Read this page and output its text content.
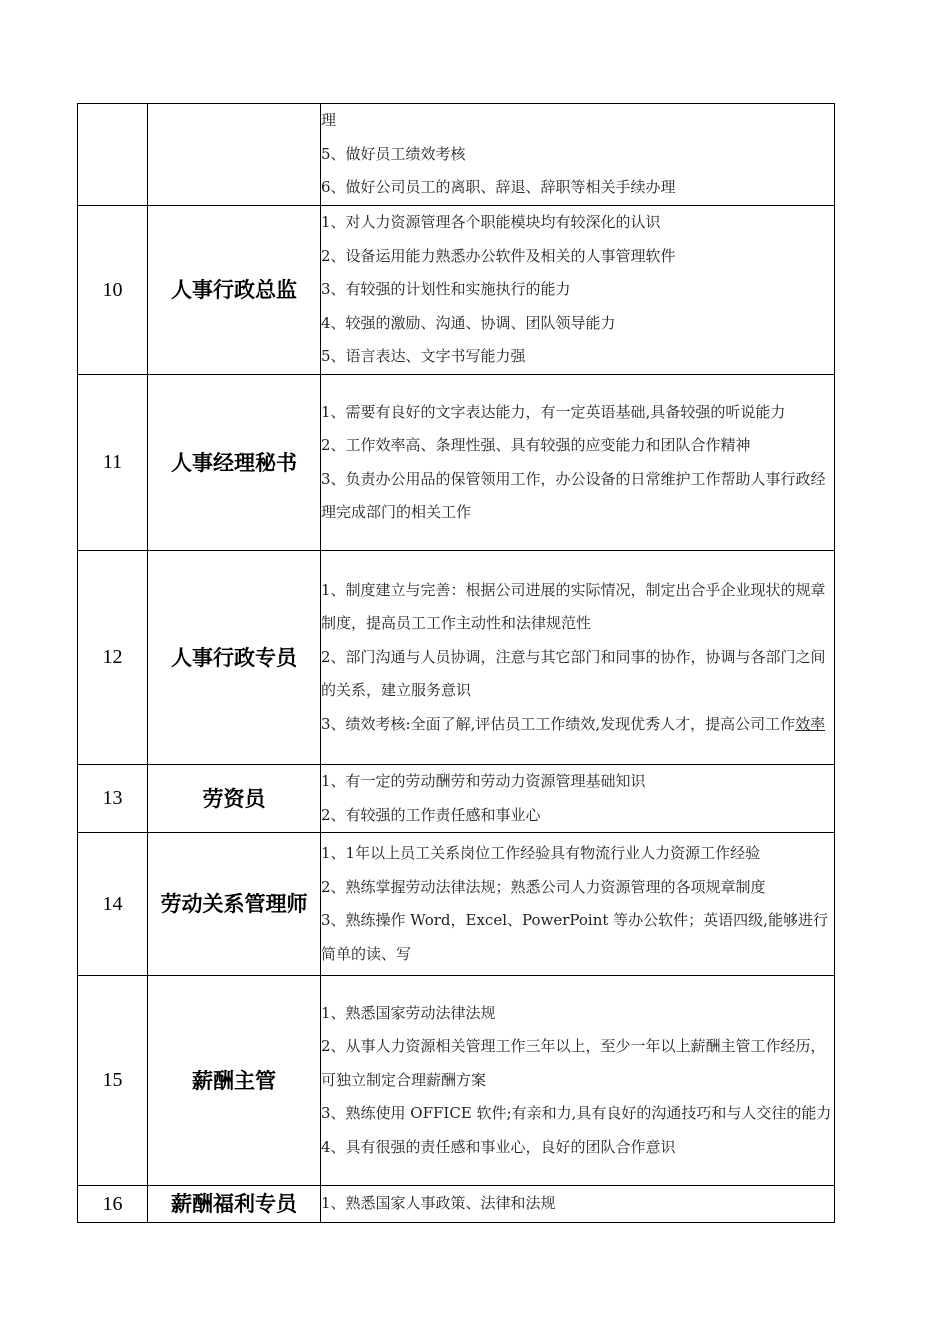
		理
5、做好员工绩效考核
6、做好公司员工的离职、辞退、辞职等相关手续办理

10	人事行政总监	1、对人力资源管理各个职能模块均有较深化的认识
2、设备运用能力熟悉办公软件及相关的人事管理软件
3、有较强的计划性和实施执行的能力
4、较强的激励、沟通、协调、团队领导能力
5、语言表达、文字书写能力强

11	人事经理秘书	1、需要有良好的文字表达能力，有一定英语基础,具备较强的听说能力
2、工作效率高、条理性强、具有较强的应变能力和团队合作精神
3、负责办公用品的保管领用工作，办公设备的日常维护工作帮助人事行政经理完成部门的相关工作

12	人事行政专员	1、制度建立与完善：根据公司进展的实际情况，制定出合乎企业现状的规章制度，提高员工工作主动性和法律规范性
2、部门沟通与人员协调，注意与其它部门和同事的协作，协调与各部门之间的关系，建立服务意识
3、绩效考核:全面了解,评估员工工作绩效,发现优秀人才，提高公司工作效率

13	劳资员	1、有一定的劳动酬劳和劳动力资源管理基础知识
2、有较强的工作责任感和事业心

14	劳动关系管理师	1、1年以上员工关系岗位工作经验具有物流行业人力资源工作经验
2、熟练掌握劳动法律法规；熟悉公司人力资源管理的各项规章制度
3、熟练操作 Word，Excel、PowerPoint 等办公软件；英语四级,能够进行简单的读、写

15	薪酬主管	1、熟悉国家劳动法律法规
2、从事人力资源相关管理工作三年以上，至少一年以上薪酬主管工作经历，可独立制定合理薪酬方案
3、熟练使用 OFFICE 软件;有亲和力,具有良好的沟通技巧和与人交往的能力
4、具有很强的责任感和事业心，良好的团队合作意识

16	薪酬福利专员	1、熟悉国家人事政策、法律和法规
